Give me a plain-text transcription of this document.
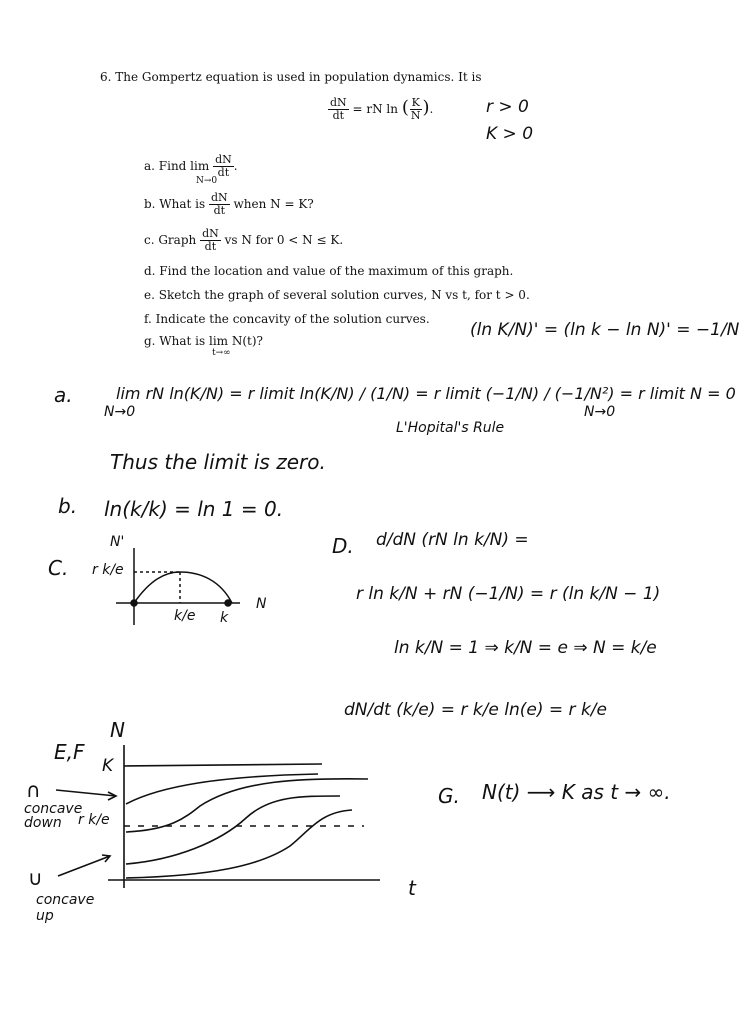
6. The Gompertz equation is used in population dynamics. It is
$\frac{dN}{dt}$ = rN ln ( $\frac{K}{N}$ ).	r > 0
K > 0
a. Find $\lim \frac{dN}{dt}$ .
N→0
b. What is $\frac{dN}{dt}$ when N = K?
c. Graph $\frac{dN}{dt}$ vs N for 0 < N ≤ K.
d. Find the location and value of the maximum of this graph.
e. Sketch the graph of several solution curves, N vs t, for t > 0.
f. Indicate the concavity of the solution curves.
g. What is lim N(t)?
t→∞
(ln K/N)' = (ln k − ln N)' = −1/N
a.	lim rN ln(K/N) = r limit ln(K/N) / (1/N) = r limit (−1/N) / (−1/N²) = r limit N = 0
N→0	N→0
L'Hopital's Rule
Thus the limit is zero.
b. ln(k/k) = ln 1 = 0.
C.
N'
N
r k/e
k/e k
D. d/dN (rN ln k/N) =
r ln k/N + rN (−1/N) = r (ln k/N − 1)
ln k/N = 1 ⇒ k/N = e ⇒ N = k/e
dN/dt (k/e) = r k/e ln(e) = r k/e
E,F
N
t
K
r k/e
∩
concave down
∪
concave up
G. N(t) ⟶ K as t → ∞.
